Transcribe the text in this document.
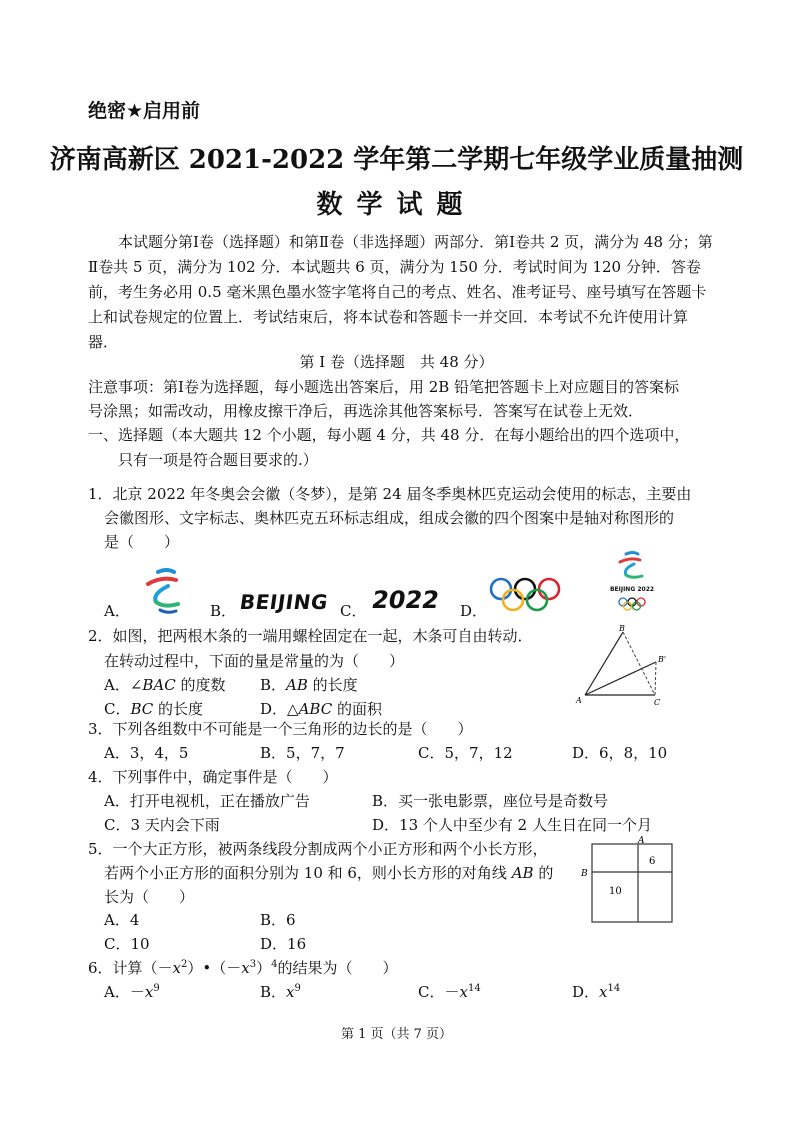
绝密★启用前
济南高新区 2021-2022 学年第二学期七年级学业质量抽测
数学试题
本试题分第Ⅰ卷（选择题）和第Ⅱ卷（非选择题）两部分．第Ⅰ卷共 2 页，满分为 48 分；第Ⅱ卷共 5 页，满分为 102 分．本试题共 6 页，满分为 150 分．考试时间为 120 分钟．答卷前，考生务必用 0.5 毫米黑色墨水签字笔将自己的考点、姓名、准考证号、座号填写在答题卡上和试卷规定的位置上．考试结束后，将本试卷和答题卡一并交回．本考试不允许使用计算器．
第 I 卷（选择题　共 48 分）
注意事项：第Ⅰ卷为选择题，每小题选出答案后，用 2B 铅笔把答题卡上对应题目的答案标
号涂黑；如需改动，用橡皮擦干净后，再选涂其他答案标号．答案写在试卷上无效．
一、选择题（本大题共 12 个小题，每小题 4 分，共 48 分．在每小题给出的四个选项中，
只有一项是符合题目要求的.）
1．北京 2022 年冬奥会会徽（冬梦），是第 24 届冬季奥林匹克运动会使用的标志，主要由
会徽图形、文字标志、奥林匹克五环标志组成，组成会徽的四个图案中是轴对称图形的
是（　　）
A．	B． BEIJING C． 2022 D．
BEIJING 2022
2．如图，把两根木条的一端用螺栓固定在一起，木条可自由转动．
在转动过程中，下面的量是常量的为（　　）
A．∠BAC 的度数 B．AB 的长度
C．BC 的长度	D．△ABC 的面积
B
B'
A	C
3．下列各组数中不可能是一个三角形的边长的是（　　）
A．3，4，5	B．5，7，7	C．5，7，12	D．6，8，10
4．下列事件中，确定事件是（　　）
A．打开电视机，正在播放广告	B．买一张电影票，座位号是奇数号
C．3 天内会下雨	D．13 个人中至少有 2 人生日在同一个月
5．一个大正方形，被两条线段分割成两个小正方形和两个小长方形，
若两个小正方形的面积分别为 10 和 6，则小长方形的对角线 AB 的
长为（　　）
A．4	B．6
C．10	D．16
A
B
6
10
6．计算$(-x^2)•(-x^3)^4$的结果为（　　）
A．$-x^9$	B．$x^9$	C．$-x^{14}$	D．$x^{14}$
第 1 页（共 7 页）
